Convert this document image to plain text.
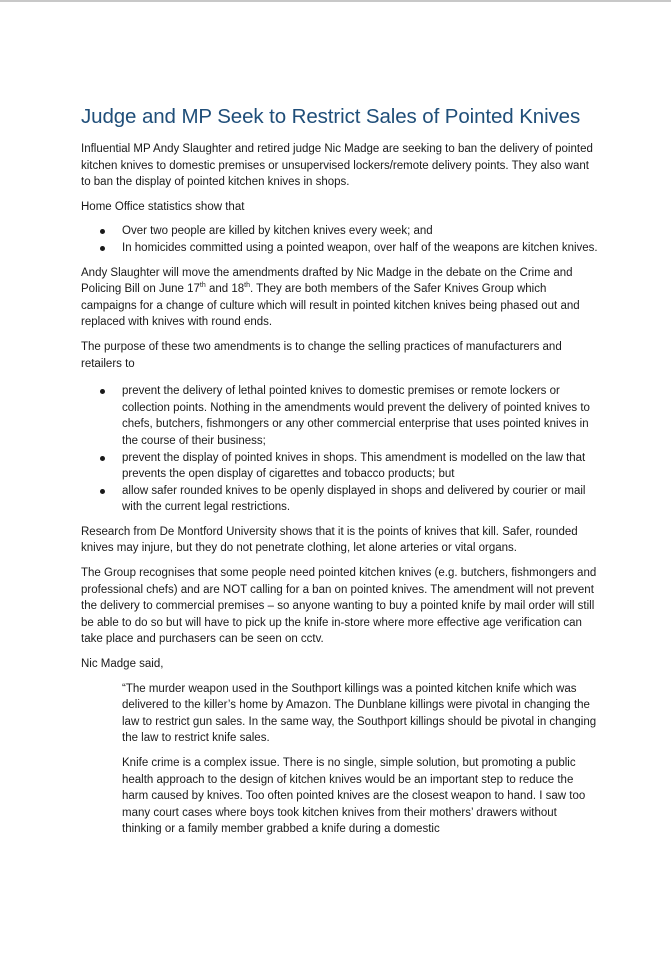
Judge and MP Seek to Restrict Sales of Pointed Knives

Influential MP Andy Slaughter and retired judge Nic Madge are seeking to ban the delivery of pointed kitchen knives to domestic premises or unsupervised lockers/remote delivery points. They also want to ban the display of pointed kitchen knives in shops.

Home Office statistics show that

Over two people are killed by kitchen knives every week; and
In homicides committed using a pointed weapon, over half of the weapons are kitchen knives.

Andy Slaughter will move the amendments drafted by Nic Madge in the debate on the Crime and Policing Bill on June 17th and 18th. They are both members of the Safer Knives Group which campaigns for a change of culture which will result in pointed kitchen knives being phased out and replaced with knives with round ends.

The purpose of these two amendments is to change the selling practices of manufacturers and retailers to

prevent the delivery of lethal pointed knives to domestic premises or remote lockers or collection points. Nothing in the amendments would prevent the delivery of pointed knives to chefs, butchers, fishmongers or any other commercial enterprise that uses pointed knives in the course of their business;
prevent the display of pointed knives in shops. This amendment is modelled on the law that prevents the open display of cigarettes and tobacco products; but
allow safer rounded knives to be openly displayed in shops and delivered by courier or mail with the current legal restrictions.

Research from De Montford University shows that it is the points of knives that kill. Safer, rounded knives may injure, but they do not penetrate clothing, let alone arteries or vital organs.

The Group recognises that some people need pointed kitchen knives (e.g. butchers, fishmongers and professional chefs) and are NOT calling for a ban on pointed knives. The amendment will not prevent the delivery to commercial premises – so anyone wanting to buy a pointed knife by mail order will still be able to do so but will have to pick up the knife in-store where more effective age verification can take place and purchasers can be seen on cctv.

Nic Madge said,

“The murder weapon used in the Southport killings was a pointed kitchen knife which was delivered to the killer’s home by Amazon. The Dunblane killings were pivotal in changing the law to restrict gun sales. In the same way, the Southport killings should be pivotal in changing the law to restrict knife sales.

Knife crime is a complex issue. There is no single, simple solution, but promoting a public health approach to the design of kitchen knives would be an important step to reduce the harm caused by knives. Too often pointed knives are the closest weapon to hand. I saw too many court cases where boys took kitchen knives from their mothers’ drawers without thinking or a family member grabbed a knife during a domestic
